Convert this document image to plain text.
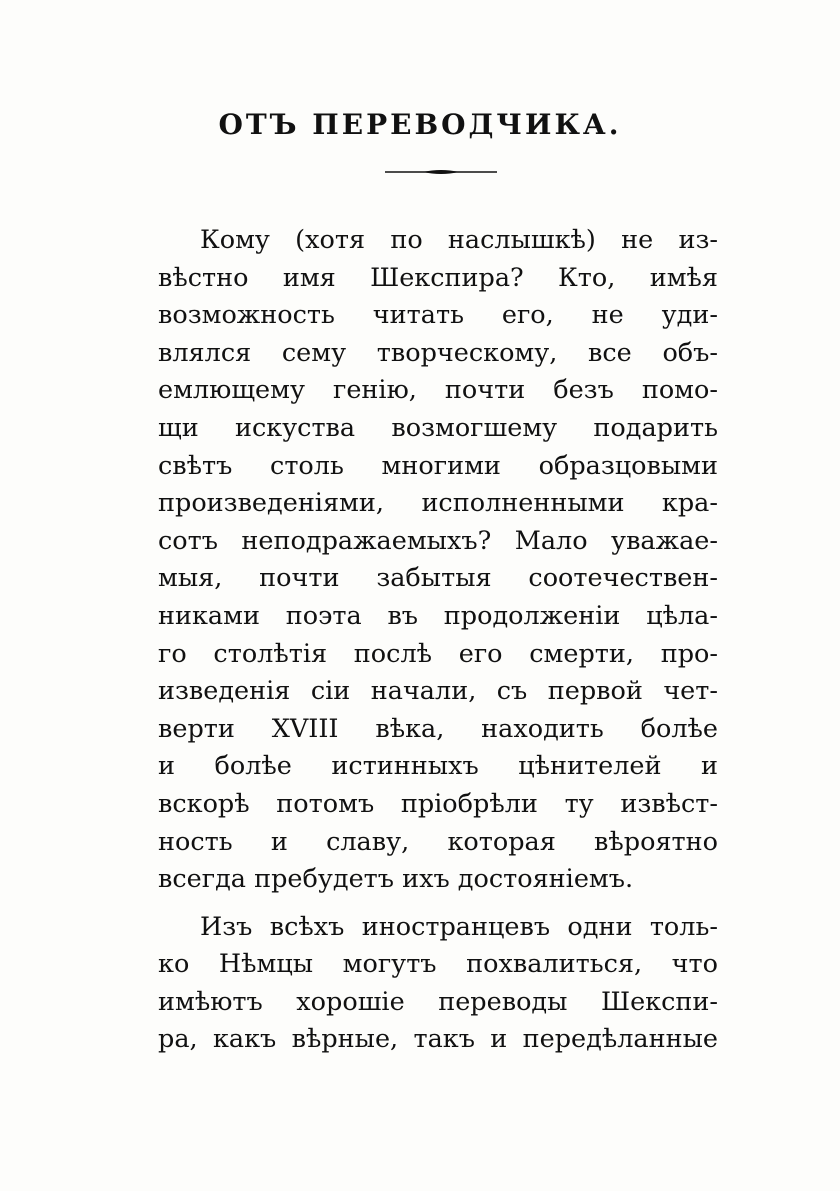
ОТЪ ПЕРЕВОДЧИКА.
Кому (хотя по наслышкѣ) не из-
вѣстно имя Шекспира? Кто, имѣя
возможность читать его, не уди-
влялся сему творческому, все объ-
емлющему генію, почти безъ помо-
щи искуства возмогшему подарить
свѣтъ столь многими образцовыми
произведеніями, исполненными кра-
сотъ неподражаемыхъ? Мало уважае-
мыя, почти забытыя соотечествен-
никами поэта въ продолженіи цѣла-
го столѣтія послѣ его смерти, про-
изведенія сіи начали, съ первой чет-
верти XVIII вѣка, находить болѣе
и болѣе истинныхъ цѣнителей и
вскорѣ потомъ пріобрѣли ту извѣст-
ность и славу, которая вѣроятно
всегда пребудетъ ихъ достояніемъ.
Изъ всѣхъ иностранцевъ одни толь-
ко Нѣмцы могутъ похвалиться, что
имѣютъ хорошіе переводы Шекспи-
ра, какъ вѣрные, такъ и передѣланные
